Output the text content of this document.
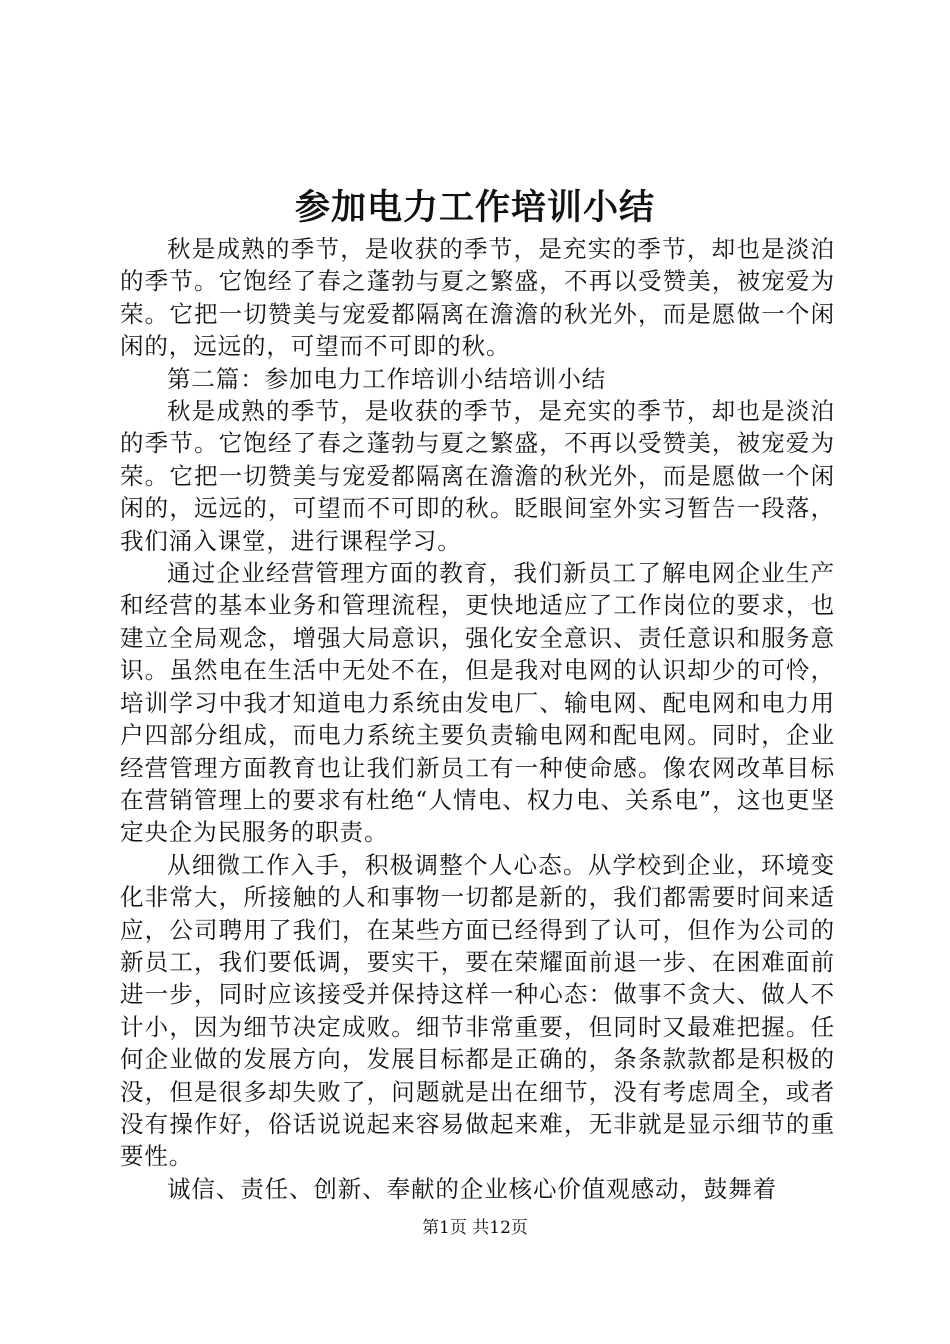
参加电力工作培训小结

秋是成熟的季节，是收获的季节，是充实的季节，却也是淡泊的季节。它饱经了春之蓬勃与夏之繁盛，不再以受赞美，被宠爱为荣。它把一切赞美与宠爱都隔离在澹澹的秋光外，而是愿做一个闲闲的，远远的，可望而不可即的秋。

第二篇：参加电力工作培训小结培训小结

秋是成熟的季节，是收获的季节，是充实的季节，却也是淡泊的季节。它饱经了春之蓬勃与夏之繁盛，不再以受赞美，被宠爱为荣。它把一切赞美与宠爱都隔离在澹澹的秋光外，而是愿做一个闲闲的，远远的，可望而不可即的秋。眨眼间室外实习暂告一段落，我们涌入课堂，进行课程学习。

通过企业经营管理方面的教育，我们新员工了解电网企业生产和经营的基本业务和管理流程，更快地适应了工作岗位的要求，也建立全局观念，增强大局意识，强化安全意识、责任意识和服务意识。虽然电在生活中无处不在，但是我对电网的认识却少的可怜，培训学习中我才知道电力系统由发电厂、输电网、配电网和电力用户四部分组成，而电力系统主要负责输电网和配电网。同时，企业经营管理方面教育也让我们新员工有一种使命感。像农网改革目标在营销管理上的要求有杜绝“人情电、权力电、关系电”，这也更坚定央企为民服务的职责。

从细微工作入手，积极调整个人心态。从学校到企业，环境变化非常大，所接触的人和事物一切都是新的，我们都需要时间来适应，公司聘用了我们，在某些方面已经得到了认可，但作为公司的新员工，我们要低调，要实干，要在荣耀面前退一步、在困难面前进一步，同时应该接受并保持这样一种心态：做事不贪大、做人不计小，因为细节决定成败。细节非常重要，但同时又最难把握。任何企业做的发展方向，发展目标都是正确的，条条款款都是积极的没，但是很多却失败了，问题就是出在细节，没有考虑周全，或者没有操作好，俗话说说起来容易做起来难，无非就是显示细节的重要性。

诚信、责任、创新、奉献的企业核心价值观感动，鼓舞着

第1页 共12页
